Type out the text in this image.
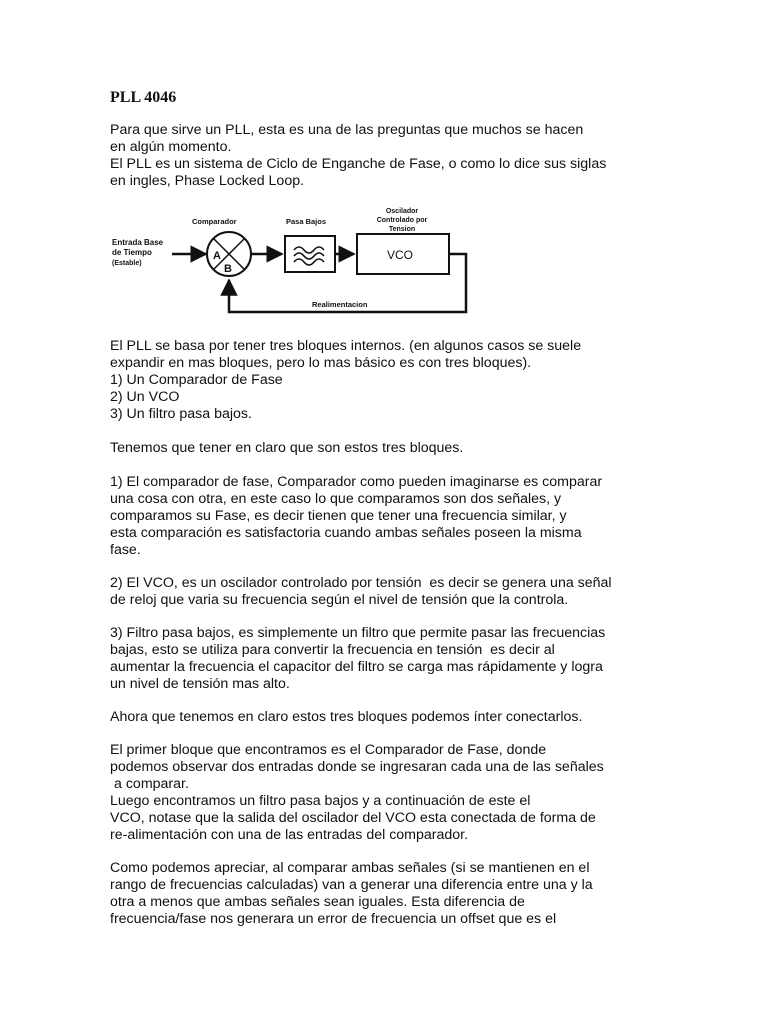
PLL 4046
Para que sirve un PLL, esta es una de las preguntas que muchos se hacen
en algún momento.
El PLL es un sistema de Ciclo de Enganche de Fase, o como lo dice sus siglas
en ingles, Phase Locked Loop.
Entrada Base
de Tiempo
(Estable)
Comparador
A
B
Pasa Bajos
Oscilador
Controlado por
Tension
VCO
Realimentacion
El PLL se basa por tener tres bloques internos. (en algunos casos se suele
expandir en mas bloques, pero lo mas básico es con tres bloques).
1) Un Comparador de Fase
2) Un VCO
3) Un filtro pasa bajos.
Tenemos que tener en claro que son estos tres bloques.
1) El comparador de fase, Comparador como pueden imaginarse es comparar
una cosa con otra, en este caso lo que comparamos son dos señales, y
comparamos su Fase, es decir tienen que tener una frecuencia similar, y
esta comparación es satisfactoria cuando ambas señales poseen la misma
fase.
2) El VCO, es un oscilador controlado por tensión  es decir se genera una señal
de reloj que varia su frecuencia según el nivel de tensión que la controla.
3) Filtro pasa bajos, es simplemente un filtro que permite pasar las frecuencias
bajas, esto se utiliza para convertir la frecuencia en tensión  es decir al
aumentar la frecuencia el capacitor del filtro se carga mas rápidamente y logra
un nivel de tensión mas alto.
Ahora que tenemos en claro estos tres bloques podemos ínter conectarlos.
El primer bloque que encontramos es el Comparador de Fase, donde
podemos observar dos entradas donde se ingresaran cada una de las señales
a comparar.
Luego encontramos un filtro pasa bajos y a continuación de este el
VCO, notase que la salida del oscilador del VCO esta conectada de forma de
re-alimentación con una de las entradas del comparador.
Como podemos apreciar, al comparar ambas señales (si se mantienen en el
rango de frecuencias calculadas) van a generar una diferencia entre una y la
otra a menos que ambas señales sean iguales. Esta diferencia de
frecuencia/fase nos generara un error de frecuencia un offset que es el
